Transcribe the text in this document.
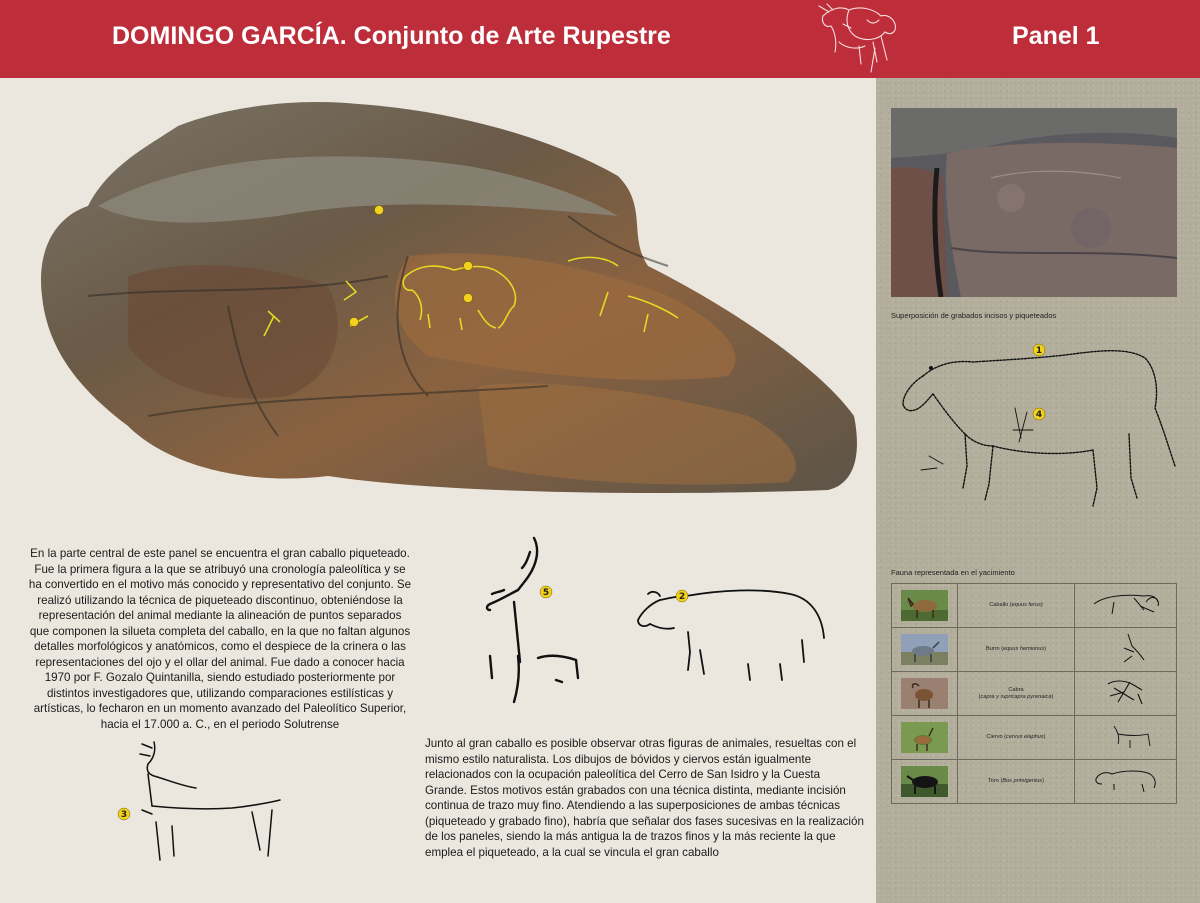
DOMINGO GARCÍA. Conjunto de Arte Rupestre	Panel 1
En la parte central de este panel se encuentra el gran caballo piqueteado. Fue la primera figura a la que se atribuyó una cronología paleolítica y se ha convertido en el motivo más conocido y representativo del conjunto. Se realizó utilizando la técnica de piqueteado discontinuo, obteniéndose la representación del animal mediante la alineación de puntos separados que componen la silueta completa del caballo, en la que no faltan algunos detalles morfológicos y anatómicos, como el despiece de la crinera o las representaciones del ojo y el ollar del animal. Fue dado a conocer hacia 1970 por F. Gozalo Quintanilla, siendo estudiado posteriormente por distintos investigadores que, utilizando comparaciones estilísticas y artísticas, lo fecharon en un momento avanzado del Paleolítico Superior, hacia el 17.000 a. C., en el periodo Solutrense
5	2
3
Junto al gran caballo es posible observar otras figuras de animales, resueltas con el mismo estilo naturalista. Los dibujos de bóvidos y ciervos están igualmente relacionados con la ocupación paleolítica del Cerro de San Isidro y la Cuesta Grande. Estos motivos están grabados con una técnica distinta, mediante incisión continua de trazo muy fino. Atendiendo a las superposiciones de ambas técnicas (piqueteado y grabado fino), habría que señalar dos fases sucesivas en la realización de los paneles, siendo la más antigua la de trazos finos y la más reciente la que emplea el piqueteado, a la cual se vincula el gran caballo
Superposición de grabados incisos y piqueteados
1
4
Fauna representada en el yacimiento
	Caballo (equus ferus)	
	Burro (equus hemionus)	
	Cabra
(capra y rupricapra pyrenaica)	
	Ciervo (cervus elaphus)	
	Toro (Bos primigenius)	
